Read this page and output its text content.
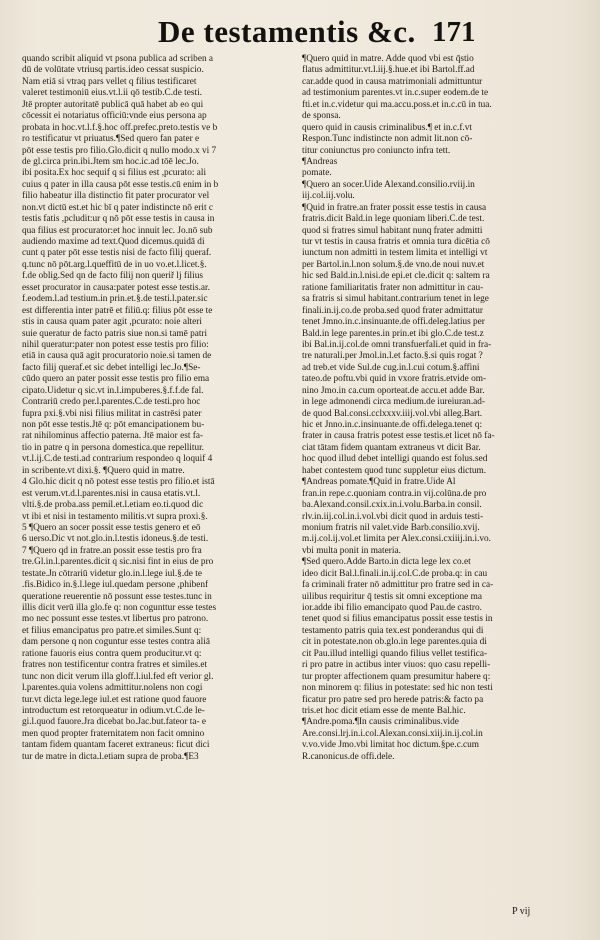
De testamentis &c. 171
quando scribit aliquid vt psona publica ad scriben a
dū de volūtate vtriusq partis.ideo cessat suspicio.
Nam etiā si vtraq pars vellet q filius testificaret
valeret testimoniū eius.vt.l.ii qō testib.C.de testi.
Jtē propter autoritatē publicā quā habet ab eo qui
cōcessit ei notariatus officiū:vnde eius persona ap
probata in hoc.vt.l.f.§.hoc off.prefec.preto.testis ve b
ro testificatur vt priuatus.¶Sed quero fan pater e
pōt esse testis pro filio.Glo.dicit q nullo modo.x vi 7
de gl.circa prin.ibi.Jtem sm hoc.ic.ad tōē lec.Jo.
ibi posita.Ex hoc sequif q si filius est ,pcurato: ali
cuius q pater in illa causa pōt esse testis.cū enim in b
filio habeatur illa distinctio fit pater procurator vel
non.vt dictū est.et hic bī q pater indistincte nō erit c
testis fatis ,pcludit:ur q nō pōt esse testis in causa in
qua filius est procurator:et hoc innuit lec. Jo.nō sub
audiendo maxime ad text.Quod dicemus.quidā di
cunt q pater pōt esse testis nisi de facto filij queraf.
q.tunc nō pōt.arg.l.queffitū de in uo vo.et.l.licet.§.
f.de oblig.Sed qn de facto filij non queriř lj filius
esset procurator in causa:pater potest esse testis.ar.
f.eodem.l.ad testium.in prin.et.§.de testi.l.pater.sic
est differentia inter patrē et filiū.q: filius pōt esse te
stis in causa quam pater agit ,pcurato: noie alteri
suie queratur de facto patris siue non.si tamē patri
nihil queratur:pater non potest esse testis pro filio:
etiā in causa quā agit procuratorio noie.si tamen de
facto filij queraf.et sic debet intelligi lec.Jo.¶Se-
cūdo quero an pater possit esse testis pro filio ema
cipato.Uidetur q sic.vt in.l.impuberes.§.f.f.de fal.
Contrariū credo per.l.parentes.C.de testi.pro hoc
fupra pxi.§.vbi nisi filius militat in castrēsi pater
non pōt esse testis.Jtē q: pōt emancipationem bu-
rat nihilominus affectio paterna. Jtē maior est fa-
tio in patre q in persona domestica.que repellitur.
vt.l.ij.C.de testi.ad contrarium respondeo q loquif 4
in scribente.vt dixi.§. ¶Quero quid in matre.
4 Glo.hic dicit q nō potest esse testis pro filio.et istā
est verum.vt.d.l.parentes.nisi in causa etatis.vt.l.
vlti.§.de proba.ass pemil.et.l.etiam eo.ti.quod dic
vt ibi et nisi in testamento militis.vt supra proxi.§.
5 ¶Quero an socer possit esse testis genero et eō
6 uerso.Dic vt not.glo.in.l.testis idoneus.§.de testi.
7 ¶Quero qd in fratre.an possit esse testis pro fra
tre.Gl.in.l.parentes.dicit q sic.nisi fint in eius de pro
testate.Jn cōtrariū videtur glo.in.l.lege iul.§.de te
.fis.Bidico in.§.l.lege iul.quedam persone ,phibenf
queratione reuerentie nō possunt esse testes.tunc in
illis dicit verū illa glo.fe q: non cogunttur esse testes
mo nec possunt esse testes.vt libertus pro patrono.
et filius emancipatus pro patre.et similes.Sunt q:
dam persone q non coguntur esse testes contra aliā
ratione fauoris eius contra quem producitur.vt q:
fratres non testificentur contra fratres et similes.et
tunc non dicit verum illa gloff.l.iul.fed eft verior gl.
l.parentes.quia volens admittitur.nolens non cogi
tur.vt dicta lege.lege iul.et est ratione quod fauore
introductum est retorqueatur in odium.vt.C.de le-
gi.l.quod fauore.Jra dicebat bo.Jac.but.fateor ta- e
men quod propter fraternitatem non facit omnino
tantam fidem quantam faceret extraneus: ficut dici
tur de matre in dicta.l.etiam supra de proba.¶E3
¶Quero quid in matre. Adde quod vbi est q̄stio
flatus admittitur.vt.l.iij.§.hue.et ibi Bartol.ff.ad
car.adde quod in causa matrimoniali admittuntur
ad testimonium parentes.vt in.c.super eodem.de te
fti.et in.c.videtur qui ma.accu.poss.et in.c.cū in tua.
de sponsa.
quero quid in causis criminalibus.¶ et in.c.f.vt
Respon.Tunc indistincte non admit lit.non cō-
titur coniunctus pro coniuncto infra tett.
¶Andreas
pomate.
¶Quero an socer.Uide Alexand.consilio.rviij.in
iij.col.iij.volu.
¶Quid in fratre.an frater possit esse testis in causa
fratris.dicit Bald.in lege quoniam liberi.C.de test.
quod si fratres simul habitant nunq frater admitti
tur vt testis in causa fratris et omnia tura dicētia cō
iunctum non admitti in testem limita et intelligi vt
per Bartol.in.l.non solum.§.de vno.de noui nuv.et
hic sed Bald.in.l.nisi.de epi.et cle.dicit q: saltem ra
ratione familiaritatis frater non admittitur in cau-
sa fratris si simul habitant.contrarium tenet in lege
finali.in.ij.co.de proba.sed quod frater admittatur
tenet Jmno.in.c.insinuante.de offi.deleg.latius per
Bald.in lege parentes.in prin.et ibi glo.C.de test.z
ibi Bal.in.ij.col.de omni transfuerfali.et quid in fra-
tre naturali.per Jmol.in.l.et facto.§.si quis rogat ?
ad treb.et vide Sul.de cug.in.l.cui cotum.§.affini
tateo.de poftu.vbi quid in vxore fratris.etvide om-
nino Jmo.in ca.cum oporteat.de accu.et adde Bar.
in lege admonendi circa medium.de iureiuran.ad-
de quod Bal.consi.cclxxxv.iiij.vol.vbi alleg.Bart.
hic et Jnno.in.c.insinuante.de offi.delega.tenet q:
frater in causa fratris potest esse testis.et licet nō fa-
ciat tātam fidem quantam extraneus vt dicit Bar.
hoc quod illud debet intelligi quando est folus.sed
habet contestem quod tunc suppletur eius dictum.
¶Andreas pomate.¶Quid in fratre.Uide Al
fran.in repe.c.quoniam contra.in vij.colūna.de pro
ba.Alexand.consil.cxix.in.i.volu.Barba.in consil.
rlv.in.iij.col.in.i.vol.vbi dicit quod in arduis testi-
monium fratris nil valet.vide Barb.consilio.xvij.
m.ij.col.ij.vol.et limita per Alex.consi.cxiiij.in.i.vo.
vbi multa ponit in materia.
¶Sed quero.Adde Barto.in dicta lege lex co.et
ideo dicit Bal.l.finali.in.ij.col.C.de proba.q: in cau
fa criminali frater nō admittitur pro fratre sed in ca-
uilibus requiritur q̄ testis sit omni exceptione ma
ior.adde ibi filio emancipato quod Pau.de castro.
tenet quod si filius emancipatus possit esse testis in
testamento patris quia tex.est ponderandus qui di
cit in potestate.non ob.glo.in lege parentes.quia di
cit Pau.illud intelligi quando filius vellet testifica-
ri pro patre in actibus inter viuos: quo casu repelli-
tur propter affectionem quam presumitur habere q:
non minorem q: filius in potestate: sed hic non testi
ficatur pro patre sed pro herede patris:& facto pa
tris.et hoc dicit etiam esse de mente Bal.hic.
¶Andre.poma.¶In causis criminalibus.vide
Are.consi.lrj.in.i.col.Alexan.consi.xiij.in.ij.col.in
v.vo.vide Jmo.vbi limitat hoc dictum.§pe.c.cum
R.canonicus.de offi.dele.
P vij
